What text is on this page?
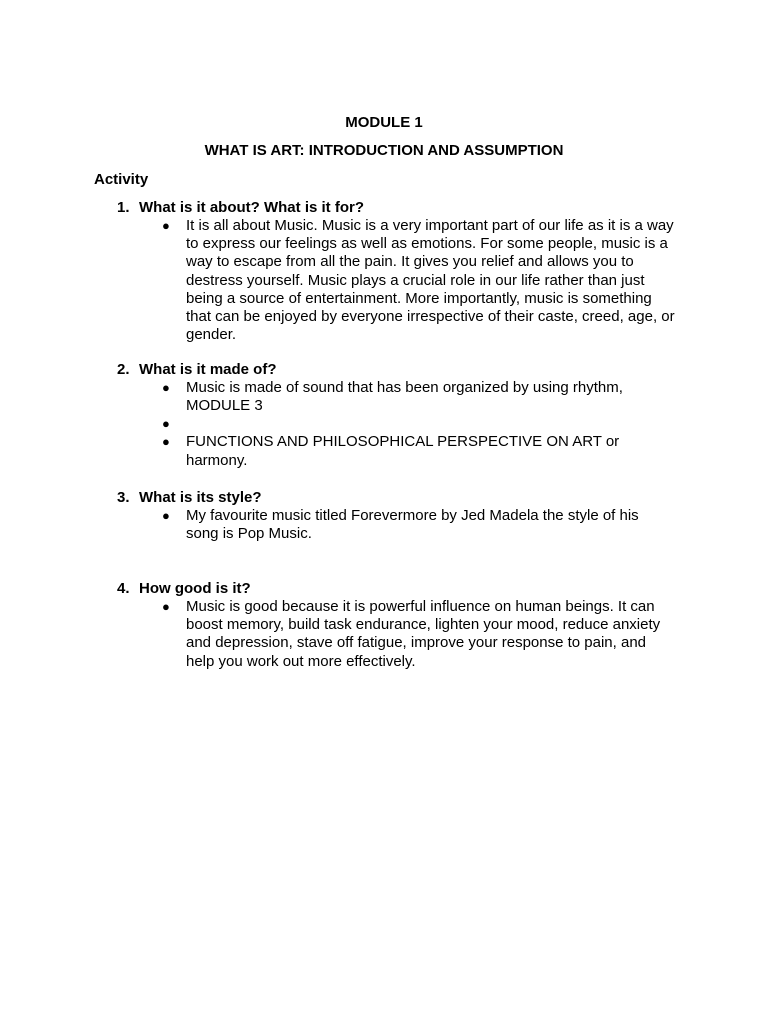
MODULE 1

WHAT IS ART: INTRODUCTION AND ASSUMPTION

Activity

1. What is it about? What is it for?
● It is all about Music. Music is a very important part of our life as it is a way to express our feelings as well as emotions. For some people, music is a way to escape from all the pain. It gives you relief and allows you to destress yourself. Music plays a crucial role in our life rather than just being a source of entertainment. More importantly, music is something that can be enjoyed by everyone irrespective of their caste, creed, age, or gender.
2. What is it made of?
● Music is made of sound that has been organized by using rhythm, MODULE 3
●
● FUNCTIONS AND PHILOSOPHICAL PERSPECTIVE ON ART or harmony.
3. What is its style?
● My favourite music titled Forevermore by Jed Madela the style of his song is Pop Music.
4. How good is it?
● Music is good because it is powerful influence on human beings. It can boost memory, build task endurance, lighten your mood, reduce anxiety and depression, stave off fatigue, improve your response to pain, and help you work out more effectively.
